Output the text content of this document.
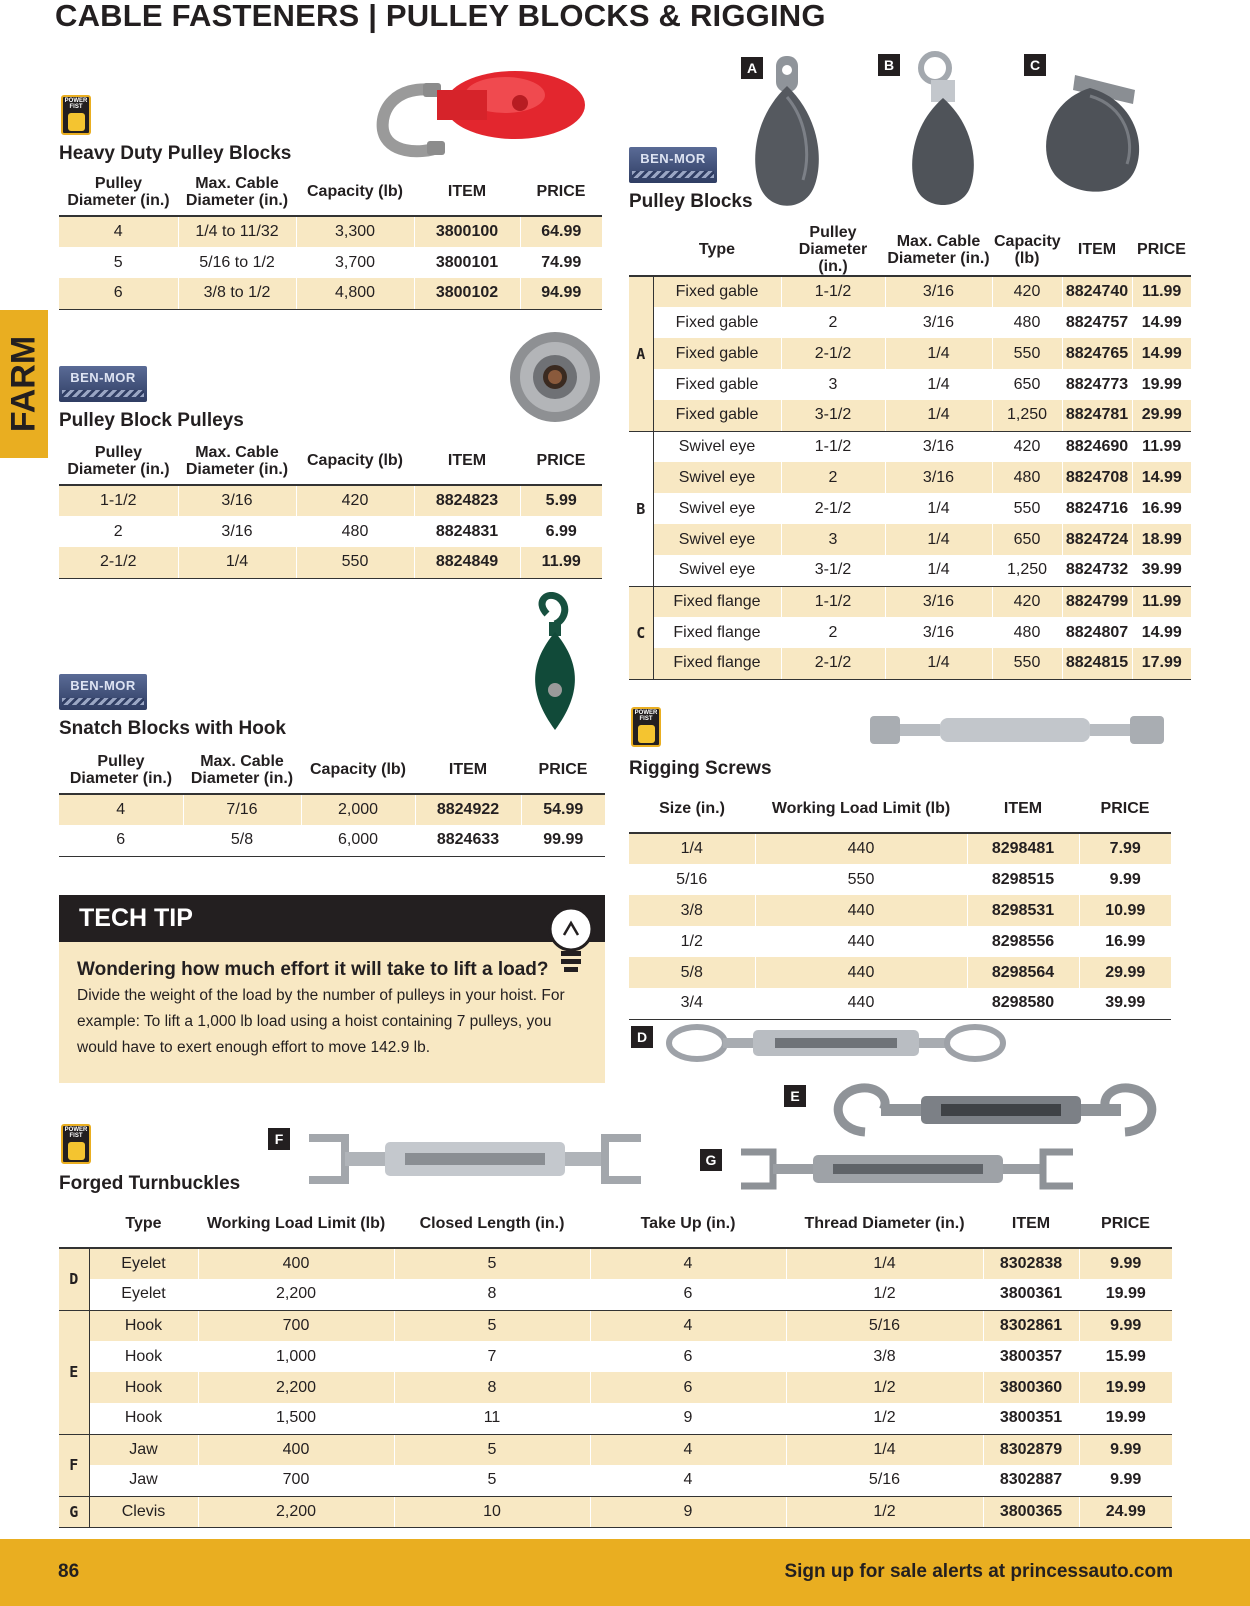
CABLE FASTENERS | PULLEY BLOCKS & RIGGING
FARM
POWER
FIST
Heavy Duty Pulley Blocks
Pulley Diameter (in.)	Max. Cable Diameter (in.)	Capacity (lb)	ITEM	PRICE
4	1/4 to 11/32	3,300	3800100	64.99
5	5/16 to 1/2	3,700	3800101	74.99
6	3/8 to 1/2	4,800	3800102	94.99
BEN-MOR
Pulley Block Pulleys
Pulley Diameter (in.)	Max. Cable Diameter (in.)	Capacity (lb)	ITEM	PRICE
1-1/2	3/16	420	8824823	5.99
2	3/16	480	8824831	6.99
2-1/2	1/4	550	8824849	11.99
BEN-MOR
Snatch Blocks with Hook
Pulley Diameter (in.)	Max. Cable Diameter (in.)	Capacity (lb)	ITEM	PRICE
4	7/16	2,000	8824922	54.99
6	5/8	6,000	8824633	99.99
TECH TIP
Wondering how much effort it will take to lift a load?
Divide the weight of the load by the number of pulleys in your hoist. For example: To lift a 1,000 lb load using a hoist containing 7 pulleys, you would have to exert enough effort to move 142.9 lb.
A	B	C
BEN-MOR
Pulley Blocks
	Type	Pulley Diameter (in.)	Max. Cable Diameter (in.)	Capacity (lb)	ITEM	PRICE
A	Fixed gable	1-1/2	3/16	420	8824740	11.99
	Fixed gable	2	3/16	480	8824757	14.99
	Fixed gable	2-1/2	1/4	550	8824765	14.99
	Fixed gable	3	1/4	650	8824773	19.99
	Fixed gable	3-1/2	1/4	1,250	8824781	29.99
B	Swivel eye	1-1/2	3/16	420	8824690	11.99
	Swivel eye	2	3/16	480	8824708	14.99
	Swivel eye	2-1/2	1/4	550	8824716	16.99
	Swivel eye	3	1/4	650	8824724	18.99
	Swivel eye	3-1/2	1/4	1,250	8824732	39.99
C	Fixed flange	1-1/2	3/16	420	8824799	11.99
	Fixed flange	2	3/16	480	8824807	14.99
	Fixed flange	2-1/2	1/4	550	8824815	17.99
POWER
FIST
Rigging Screws
Size (in.)	Working Load Limit (lb)	ITEM	PRICE
1/4	440	8298481	7.99
5/16	550	8298515	9.99
3/8	440	8298531	10.99
1/2	440	8298556	16.99
5/8	440	8298564	29.99
3/4	440	8298580	39.99
D
E
F
G
POWER
FIST
Forged Turnbuckles
	Type	Working Load Limit (lb)	Closed Length (in.)	Take Up (in.)	Thread Diameter (in.)	ITEM	PRICE
D	Eyelet	400	5	4	1/4	8302838	9.99
	Eyelet	2,200	8	6	1/2	3800361	19.99
E	Hook	700	5	4	5/16	8302861	9.99
	Hook	1,000	7	6	3/8	3800357	15.99
	Hook	2,200	8	6	1/2	3800360	19.99
	Hook	1,500	11	9	1/2	3800351	19.99
F	Jaw	400	5	4	1/4	8302879	9.99
	Jaw	700	5	4	5/16	8302887	9.99
G	Clevis	2,200	10	9	1/2	3800365	24.99
86	Sign up for sale alerts at princessauto.com
